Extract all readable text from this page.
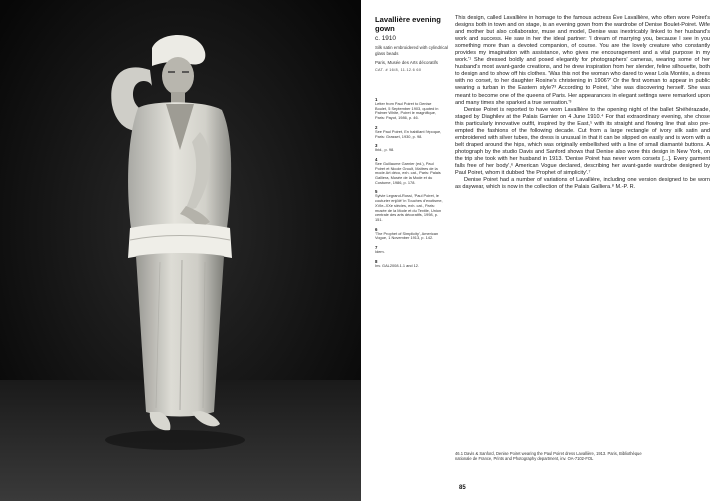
Lavallière evening gown
c. 1910
Silk satin embroidered with cylindrical glass beads
Paris, Musée des Arts décoratifs
CAT. # 16/8, 11.12.6 60
1
Letter from Paul Poiret to Denise Boulet, 5 September 1903, quoted in Palmer White, Poiret le magnifique, Paris: Payot, 1986, p. 46.
2
See Paul Poiret, En habillant l'époque, Paris: Grasset, 1930, p. 98.
3
Ibid., p. 98.
4
See Guillaume Garnier (ed.), Paul Poiret et Nicole Groult, Maîtres de la mode Art déco, exh. cat., Paris: Palais Galliera, Musée de la Mode et du Costume, 1986, p. 178.
5
Sylvie Legrand-Rossi, 'Paul Poiret, le couturier enjôlé' in Touches d'exotisme, XVIe–XXe siècles, exh. cat., Paris: musée de la Mode et du Textile, Union centrale des arts décoratifs, 1998, p. 151.
6
'The Prophet of Simplicity', American Vogue, 1 November 1913, p. 142.
7
Idem.
8
Inv. GAL2008.1.1 and 12.

This design, called Lavallière in homage to the famous actress Ève Lavallière, who often wore Poiret's designs both in town and on stage, is an evening gown from the wardrobe of Denise Boulet-Poiret. Wife and mother but also collaborator, muse and model, Denise was inextricably linked to her husband's work and success. He saw in her the ideal partner: 'I dream of marrying you, because I see in you something more than a devoted companion, of course. You are the lovely creature who constantly provides my imagination with assistance, who gives me encouragement and a vital purpose in my work.'¹ She dressed boldly and posed elegantly for photographers' cameras, wearing some of her husband's most avant-garde creations, and he drew inspiration from her slender, feline silhouette, both to design and to show off his clothes. 'Was this not the woman who dared to wear Lola Montès, a dress with no corset, to her daughter Rosine's christening in 1906?' Or the first woman to appear in public wearing a turban in the Eastern style?³ According to Poiret, 'she was discovering herself. She was meant to become one of the queens of Paris. Her appearances in elegant settings were remarked upon and many times she sparked a true sensation.'³

Denise Poiret is reported to have worn Lavallière to the opening night of the ballet Shéhérazade, staged by Diaghilev at the Palais Garnier on 4 June 1910.⁴ For that extraordinary evening, she chose this particularly innovative outfit, inspired by the East,⁵ with its straight and flowing line that also pre-empted the fashions of the following decade. Cut from a large rectangle of ivory silk satin and embroidered with silver tubes, the dress is unusual in that it can be slipped on easily and is worn with a belt draped around the hips, which was originally embellished with a line of small diamanté buttons. A photograph by the studio Davis and Sanford shows that Denise also wore this design in New York, on the trip she took with her husband in 1913. 'Denise Poiret has never worn corsets [...]. Every garment falls free of her body',⁶ American Vogue declared, describing her avant-garde wardrobe designed by Paul Poiret, whom it dubbed 'the Prophet of simplicity'.⁷

Denise Poiret had a number of variations of Lavallière, including one version designed to be worn as daywear, which is now in the collection of the Palais Galliera.⁸ M.-P. R.

46.1 Davis & Sanford, Denise Poiret wearing the Paul Poiret dress Lavallière, 1913. Paris, Bibliothèque nationale de France, Prints and Photography department, inv. OA-7102-FOL
85
